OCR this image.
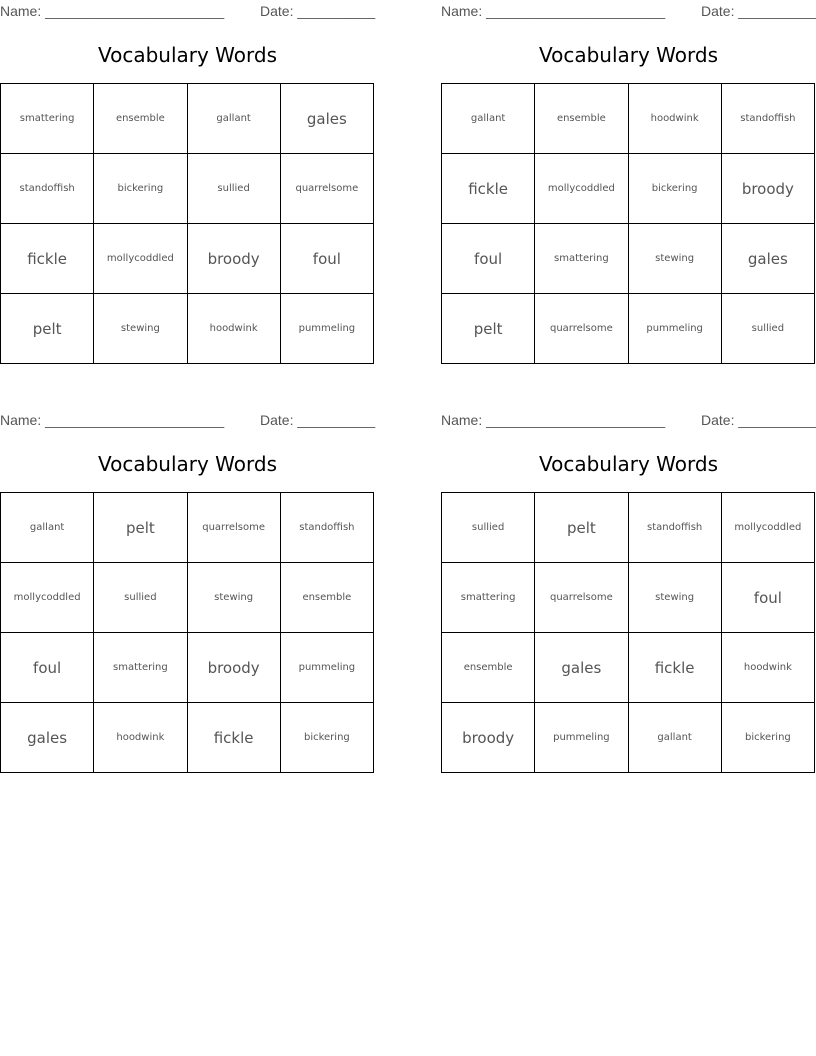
Name: _______________________	Date: __________
Vocabulary Words
smattering	ensemble	gallant	gales
standoffish	bickering	sullied	quarrelsome
fickle	mollycoddled	broody	foul
pelt	stewing	hoodwink	pummeling
Name: _______________________	Date: __________
Vocabulary Words
gallant	ensemble	hoodwink	standoffish
fickle	mollycoddled	bickering	broody
foul	smattering	stewing	gales
pelt	quarrelsome	pummeling	sullied
Name: _______________________	Date: __________
Vocabulary Words
gallant	pelt	quarrelsome	standoffish
mollycoddled	sullied	stewing	ensemble
foul	smattering	broody	pummeling
gales	hoodwink	fickle	bickering
Name: _______________________	Date: __________
Vocabulary Words
sullied	pelt	standoffish	mollycoddled
smattering	quarrelsome	stewing	foul
ensemble	gales	fickle	hoodwink
broody	pummeling	gallant	bickering
